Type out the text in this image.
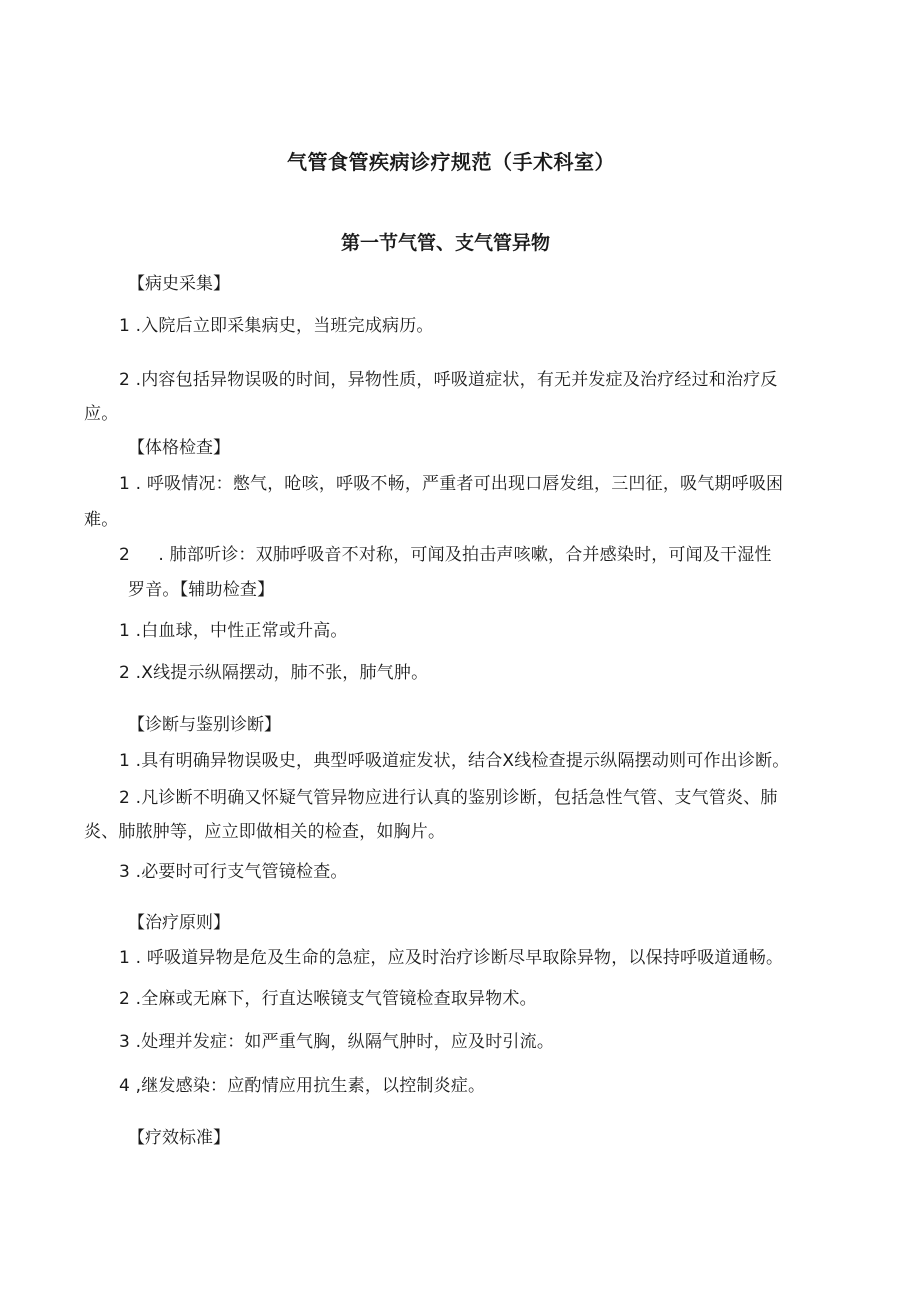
气管食管疾病诊疗规范（手术科室）
第一节气管、支气管异物
【病史采集】
1 .入院后立即采集病史，当班完成病历。
2 .内容包括异物误吸的时间，异物性质，呼吸道症状，有无并发症及治疗经过和治疗反
应。
【体格检查】
1 . 呼吸情况：憋气，呛咳，呼吸不畅，严重者可出现口唇发组，三凹征，吸气期呼吸困
难。
2 　 . 肺部听诊：双肺呼吸音不对称，可闻及拍击声咳嗽，合并感染时，可闻及干湿性
罗音。【辅助检查】
1 .白血球，中性正常或升高。
2 .X线提示纵隔摆动，肺不张，肺气肿。
【诊断与鉴别诊断】
1 .具有明确异物误吸史，典型呼吸道症发状，结合X线检查提示纵隔摆动则可作出诊断。
2 .凡诊断不明确又怀疑气管异物应进行认真的鉴别诊断，包括急性气管、支气管炎、肺
炎、肺脓肿等，应立即做相关的检查，如胸片。
3 .必要时可行支气管镜检查。
【治疗原则】
1 . 呼吸道异物是危及生命的急症，应及时治疗诊断尽早取除异物，以保持呼吸道通畅。
2 .全麻或无麻下，行直达喉镜支气管镜检查取异物术。
3 .处理并发症：如严重气胸，纵隔气肿时，应及时引流。
4 ,继发感染：应酌情应用抗生素，以控制炎症。
【疗效标准】
